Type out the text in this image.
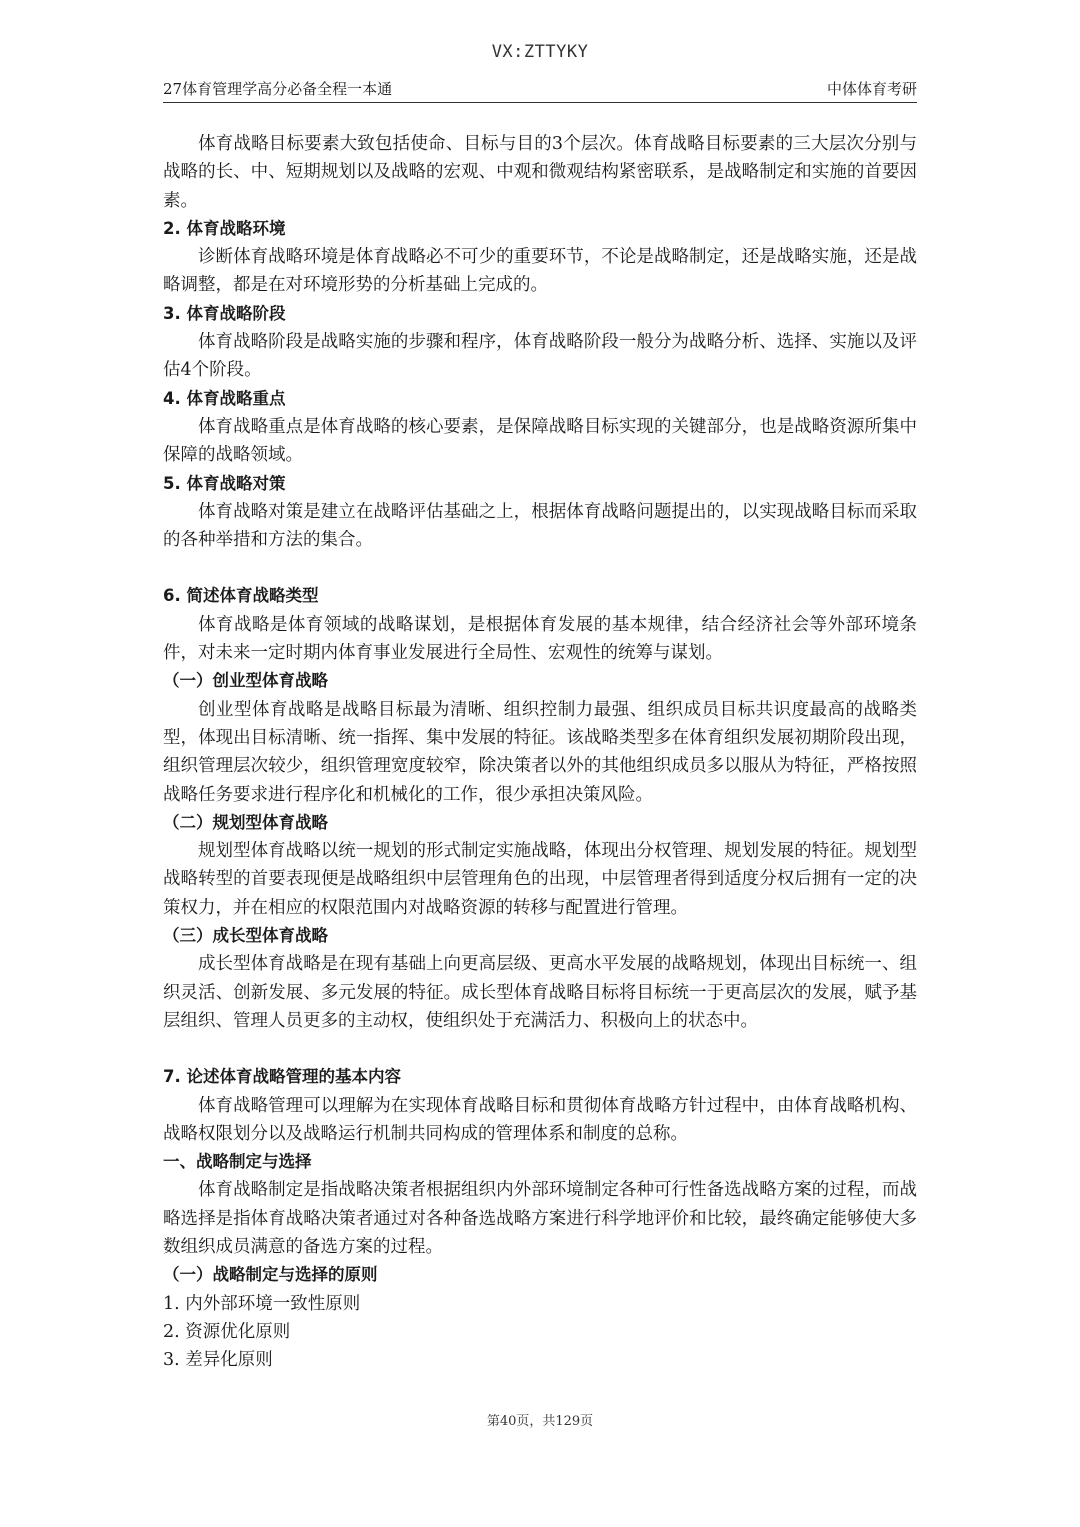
VX:ZTTYKY
27体育管理学高分必备全程一本通	中体体育考研
体育战略目标要素大致包括使命、目标与目的3个层次。体育战略目标要素的三大层次分别与战略的长、中、短期规划以及战略的宏观、中观和微观结构紧密联系，是战略制定和实施的首要因素。
2. 体育战略环境
诊断体育战略环境是体育战略必不可少的重要环节，不论是战略制定，还是战略实施，还是战略调整，都是在对环境形势的分析基础上完成的。
3. 体育战略阶段
体育战略阶段是战略实施的步骤和程序，体育战略阶段一般分为战略分析、选择、实施以及评估4个阶段。
4. 体育战略重点
体育战略重点是体育战略的核心要素，是保障战略目标实现的关键部分，也是战略资源所集中保障的战略领域。
5. 体育战略对策
体育战略对策是建立在战略评估基础之上，根据体育战略问题提出的，以实现战略目标而采取的各种举措和方法的集合。
6. 简述体育战略类型
体育战略是体育领域的战略谋划，是根据体育发展的基本规律，结合经济社会等外部环境条件，对未来一定时期内体育事业发展进行全局性、宏观性的统筹与谋划。
（一）创业型体育战略
创业型体育战略是战略目标最为清晰、组织控制力最强、组织成员目标共识度最高的战略类型，体现出目标清晰、统一指挥、集中发展的特征。该战略类型多在体育组织发展初期阶段出现，组织管理层次较少，组织管理宽度较窄，除决策者以外的其他组织成员多以服从为特征，严格按照战略任务要求进行程序化和机械化的工作，很少承担决策风险。
（二）规划型体育战略
规划型体育战略以统一规划的形式制定实施战略，体现出分权管理、规划发展的特征。规划型战略转型的首要表现便是战略组织中层管理角色的出现，中层管理者得到适度分权后拥有一定的决策权力，并在相应的权限范围内对战略资源的转移与配置进行管理。
（三）成长型体育战略
成长型体育战略是在现有基础上向更高层级、更高水平发展的战略规划，体现出目标统一、组织灵活、创新发展、多元发展的特征。成长型体育战略目标将目标统一于更高层次的发展，赋予基层组织、管理人员更多的主动权，使组织处于充满活力、积极向上的状态中。
7. 论述体育战略管理的基本内容
体育战略管理可以理解为在实现体育战略目标和贯彻体育战略方针过程中，由体育战略机构、战略权限划分以及战略运行机制共同构成的管理体系和制度的总称。
一、战略制定与选择
体育战略制定是指战略决策者根据组织内外部环境制定各种可行性备选战略方案的过程，而战略选择是指体育战略决策者通过对各种备选战略方案进行科学地评价和比较，最终确定能够使大多数组织成员满意的备选方案的过程。
（一）战略制定与选择的原则
1. 内外部环境一致性原则
2. 资源优化原则
3. 差异化原则
第40页，共129页
